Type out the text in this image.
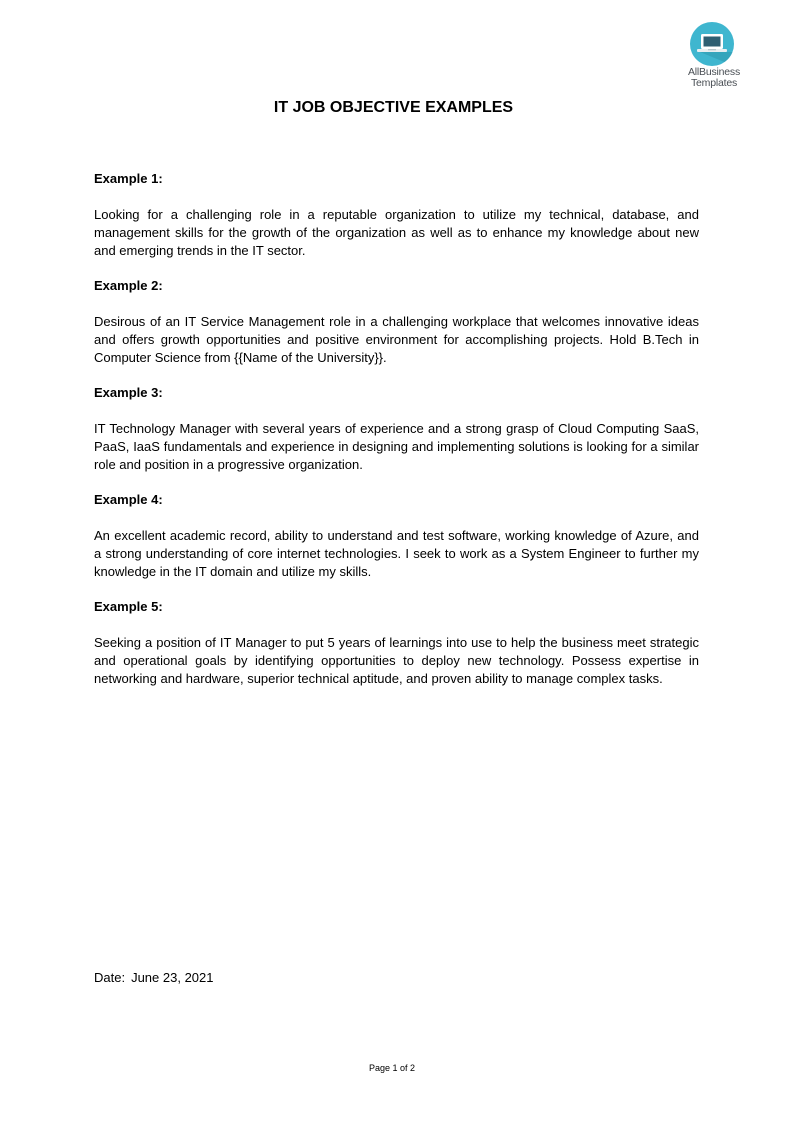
AllBusiness
Templates
IT JOB OBJECTIVE EXAMPLES

Example 1:

Looking for a challenging role in a reputable organization to utilize my technical, database, and management skills for the growth of the organization as well as to enhance my knowledge about new and emerging trends in the IT sector.

Example 2:

Desirous of an IT Service Management role in a challenging workplace that welcomes innovative ideas and offers growth opportunities and positive environment for accomplishing projects. Hold B.Tech in Computer Science from {{Name of the University}}.

Example 3:

IT Technology Manager with several years of experience and a strong grasp of Cloud Computing SaaS, PaaS, IaaS fundamentals and experience in designing and implementing solutions is looking for a similar role and position in a progressive organization.

Example 4:

An excellent academic record, ability to understand and test software, working knowledge of Azure, and a strong understanding of core internet technologies. I seek to work as a System Engineer to further my knowledge in the IT domain and utilize my skills.

Example 5:

Seeking a position of IT Manager to put 5 years of learnings into use to help the business meet strategic and operational goals by identifying opportunities to deploy new technology. Possess expertise in networking and hardware, superior technical aptitude, and proven ability to manage complex tasks.

Date: June 23, 2021
Page 1 of 2
